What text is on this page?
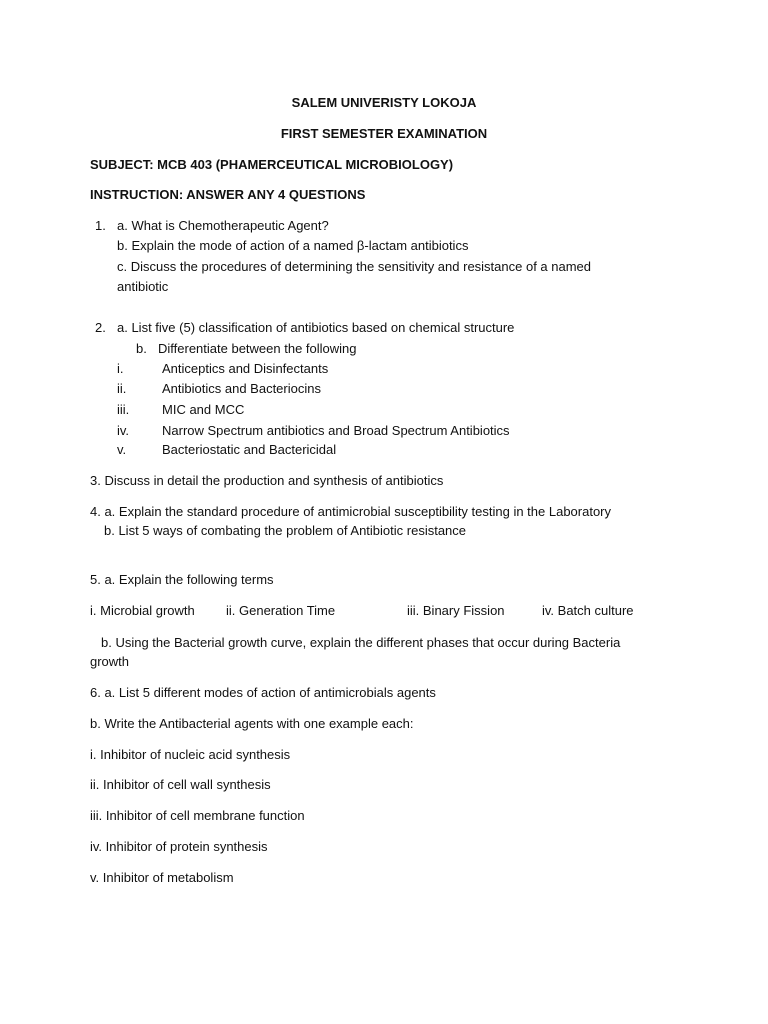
SALEM UNIVERISTY LOKOJA
FIRST SEMESTER EXAMINATION
SUBJECT: MCB 403 (PHAMERCEUTICAL MICROBIOLOGY)
INSTRUCTION: ANSWER ANY 4 QUESTIONS
1. a. What is Chemotherapeutic Agent?
b. Explain the mode of action of a named β-lactam antibiotics
c. Discuss the procedures of determining the sensitivity and resistance of a named
antibiotic
2. a. List five (5) classification of antibiotics based on chemical structure
b. Differentiate between the following
i.	Anticeptics and Disinfectants
ii.	Antibiotics and Bacteriocins
iii.	MIC and MCC
iv.	Narrow Spectrum antibiotics and Broad Spectrum Antibiotics
v.	Bacteriostatic and Bactericidal
3. Discuss in detail the production and synthesis of antibiotics
4. a. Explain the standard procedure of antimicrobial susceptibility testing in the Laboratory
b. List 5 ways of combating the problem of Antibiotic resistance
5. a. Explain the following terms
i. Microbial growth ii. Generation Time	iii. Binary Fission	iv. Batch culture
b. Using the Bacterial growth curve, explain the different phases that occur during Bacteria
growth
6. a. List 5 different modes of action of antimicrobials agents
b. Write the Antibacterial agents with one example each:
i. Inhibitor of nucleic acid synthesis
ii. Inhibitor of cell wall synthesis
iii. Inhibitor of cell membrane function
iv. Inhibitor of protein synthesis
v. Inhibitor of metabolism
